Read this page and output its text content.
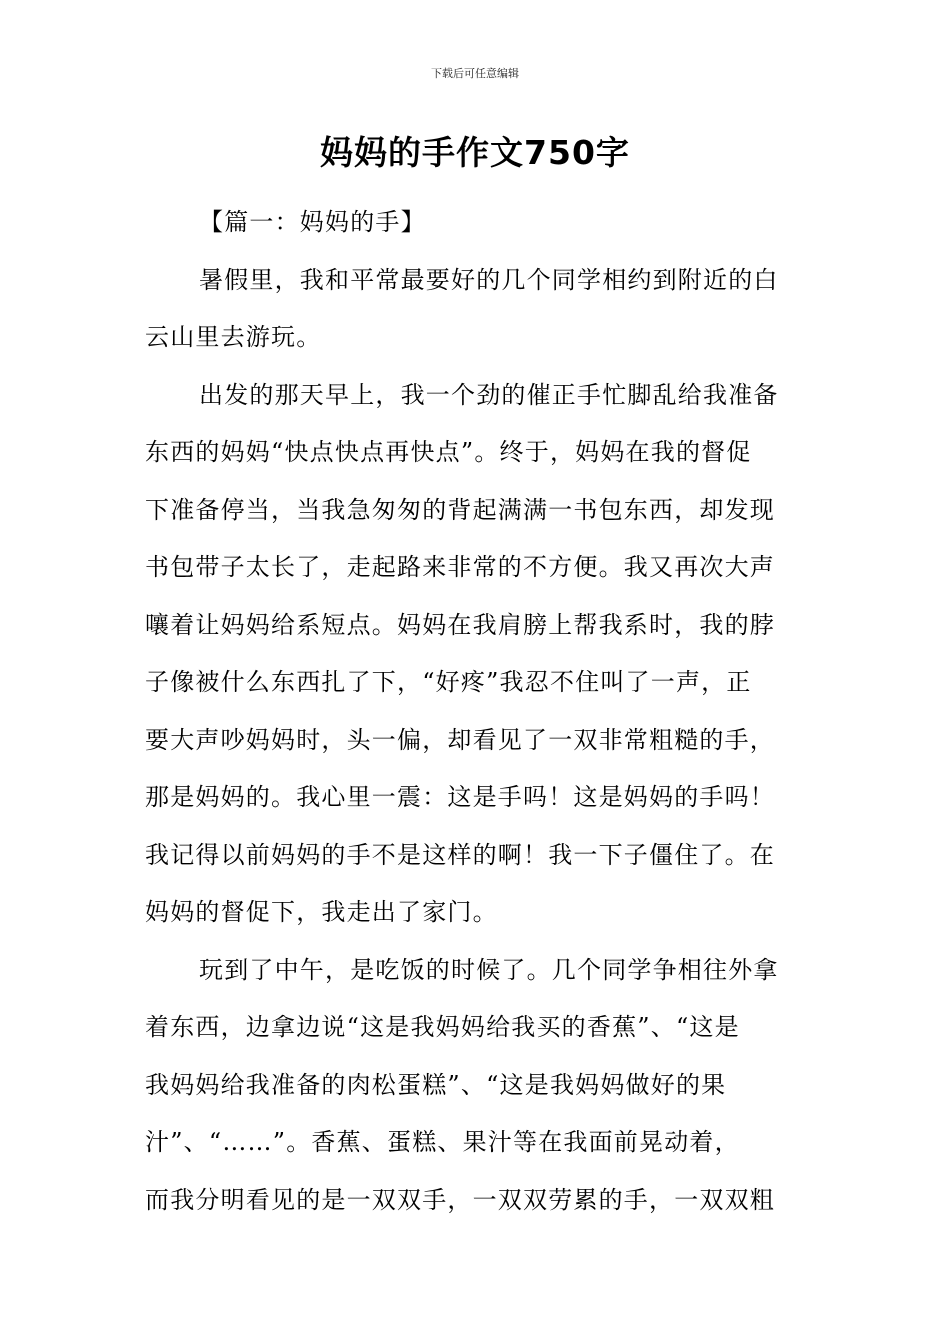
下载后可任意编辑
妈妈的手作文750字
【篇一：妈妈的手】
暑假里，我和平常最要好的几个同学相约到附近的白
云山里去游玩。
出发的那天早上，我一个劲的催正手忙脚乱给我准备
东西的妈妈“快点快点再快点”。终于，妈妈在我的督促
下准备停当，当我急匆匆的背起满满一书包东西，却发现
书包带子太长了，走起路来非常的不方便。我又再次大声
嚷着让妈妈给系短点。妈妈在我肩膀上帮我系时，我的脖
子像被什么东西扎了下，“好疼”我忍不住叫了一声，正
要大声吵妈妈时，头一偏，却看见了一双非常粗糙的手，
那是妈妈的。我心里一震：这是手吗！这是妈妈的手吗！
我记得以前妈妈的手不是这样的啊！我一下子僵住了。在
妈妈的督促下，我走出了家门。
玩到了中午，是吃饭的时候了。几个同学争相往外拿
着东西，边拿边说“这是我妈妈给我买的香蕉”、“这是
我妈妈给我准备的肉松蛋糕”、“这是我妈妈做好的果
汁”、“……”。香蕉、蛋糕、果汁等在我面前晃动着，
而我分明看见的是一双双手，一双双劳累的手，一双双粗
